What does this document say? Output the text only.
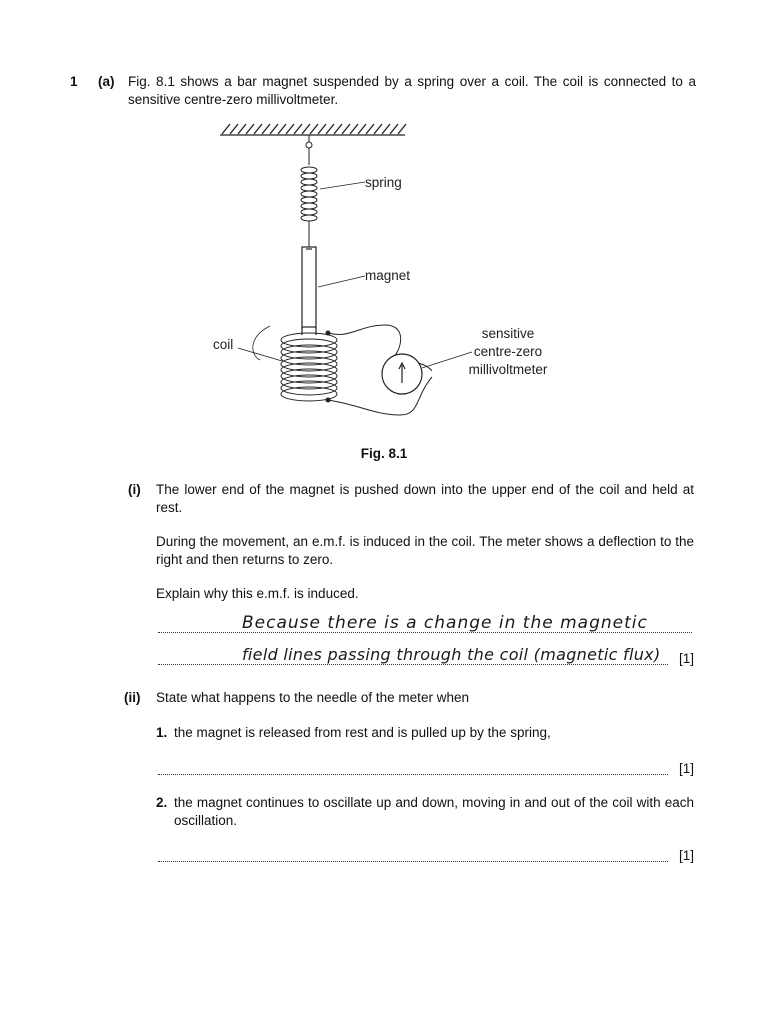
1 (a) Fig. 8.1 shows a bar magnet suspended by a spring over a coil. The coil is connected to a sensitive centre-zero millivoltmeter.
spring
magnet
coil
sensitive
centre-zero
millivoltmeter
Fig. 8.1
(i) The lower end of the magnet is pushed down into the upper end of the coil and held at rest.
During the movement, an e.m.f. is induced in the coil. The meter shows a deflection to the right and then returns to zero.
Explain why this e.m.f. is induced.
Because there is a change in the magnetic
field lines passing through the coil (magnetic flux) [1]
(ii) State what happens to the needle of the meter when
1. the magnet is released from rest and is pulled up by the spring,
[1]
2. the magnet continues to oscillate up and down, moving in and out of the coil with each oscillation.
[1]
